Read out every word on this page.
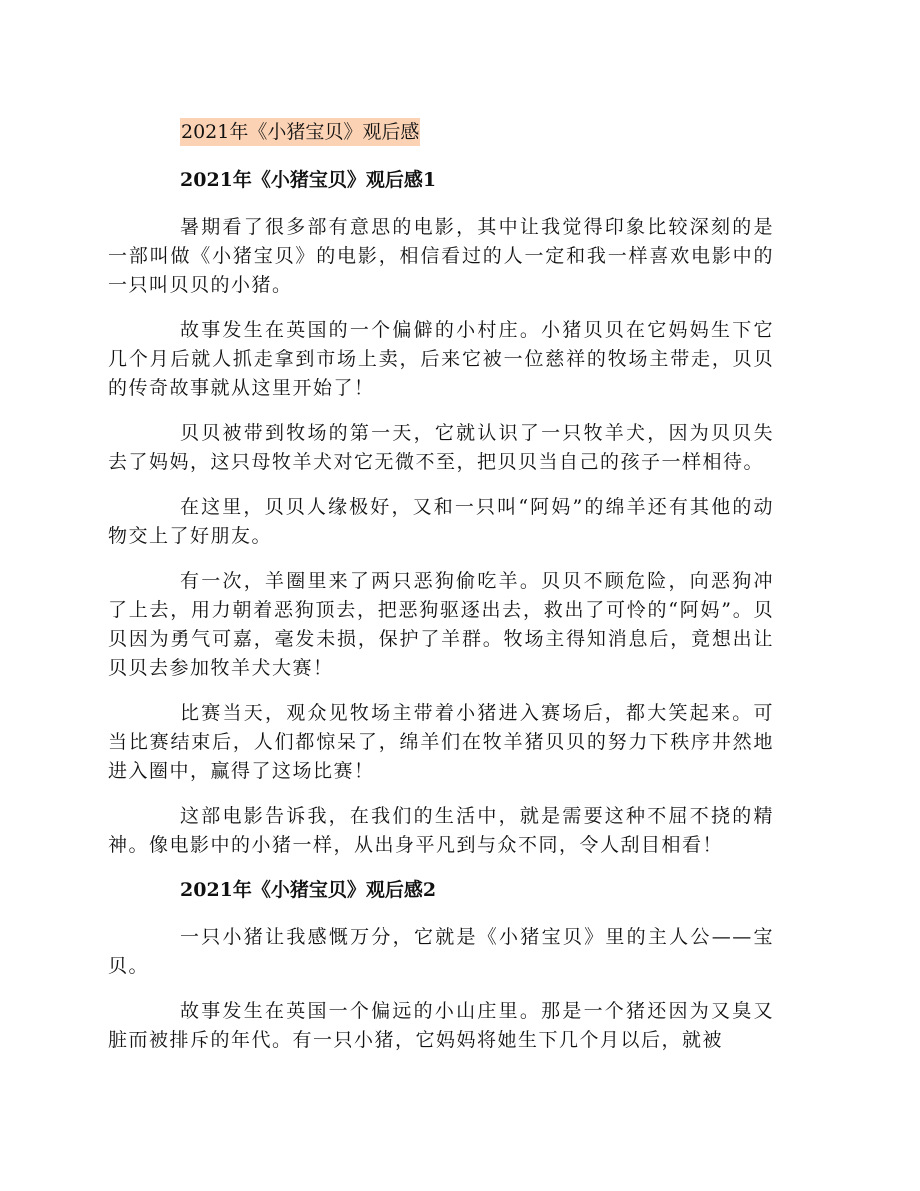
2021年《小猪宝贝》观后感
2021年《小猪宝贝》观后感1

暑期看了很多部有意思的电影，其中让我觉得印象比较深刻的是一部叫做《小猪宝贝》的电影，相信看过的人一定和我一样喜欢电影中的一只叫贝贝的小猪。

故事发生在英国的一个偏僻的小村庄。小猪贝贝在它妈妈生下它几个月后就人抓走拿到市场上卖，后来它被一位慈祥的牧场主带走，贝贝的传奇故事就从这里开始了！

贝贝被带到牧场的第一天，它就认识了一只牧羊犬，因为贝贝失去了妈妈，这只母牧羊犬对它无微不至，把贝贝当自己的孩子一样相待。

在这里，贝贝人缘极好，又和一只叫“阿妈”的绵羊还有其他的动物交上了好朋友。

有一次，羊圈里来了两只恶狗偷吃羊。贝贝不顾危险，向恶狗冲了上去，用力朝着恶狗顶去，把恶狗驱逐出去，救出了可怜的“阿妈”。贝贝因为勇气可嘉，毫发未损，保护了羊群。牧场主得知消息后，竟想出让贝贝去参加牧羊犬大赛！

比赛当天，观众见牧场主带着小猪进入赛场后，都大笑起来。可当比赛结束后，人们都惊呆了，绵羊们在牧羊猪贝贝的努力下秩序井然地进入圈中，赢得了这场比赛！

这部电影告诉我，在我们的生活中，就是需要这种不屈不挠的精神。像电影中的小猪一样，从出身平凡到与众不同，令人刮目相看！

2021年《小猪宝贝》观后感2

一只小猪让我感慨万分，它就是《小猪宝贝》里的主人公——宝贝。

故事发生在英国一个偏远的小山庄里。那是一个猪还因为又臭又脏而被排斥的年代。有一只小猪，它妈妈将她生下几个月以后，就被
